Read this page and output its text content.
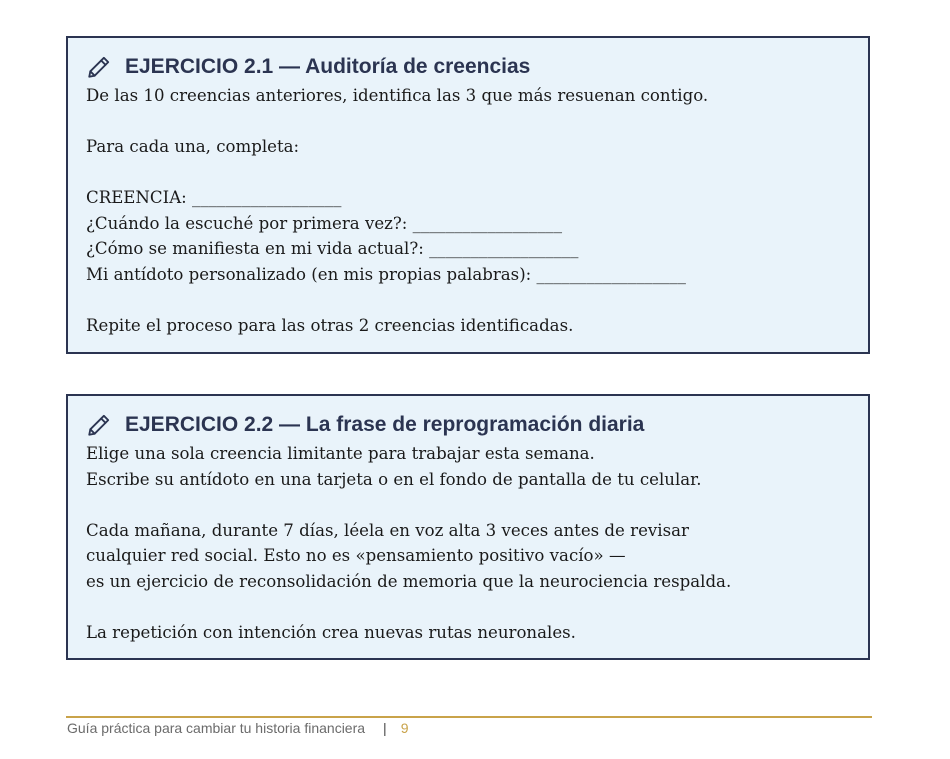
EJERCICIO 2.1 — Auditoría de creencias
De las 10 creencias anteriores, identifica las 3 que más resuenan contigo.
Para cada una, completa:
CREENCIA: __________________
¿Cuándo la escuché por primera vez?: __________________
¿Cómo se manifiesta en mi vida actual?: __________________
Mi antídoto personalizado (en mis propias palabras): __________________
Repite el proceso para las otras 2 creencias identificadas.
EJERCICIO 2.2 — La frase de reprogramación diaria
Elige una sola creencia limitante para trabajar esta semana.
Escribe su antídoto en una tarjeta o en el fondo de pantalla de tu celular.
Cada mañana, durante 7 días, léela en voz alta 3 veces antes de revisar
cualquier red social. Esto no es «pensamiento positivo vacío» —
es un ejercicio de reconsolidación de memoria que la neurociencia respalda.
La repetición con intención crea nuevas rutas neuronales.
Guía práctica para cambiar tu historia financiera | 9
